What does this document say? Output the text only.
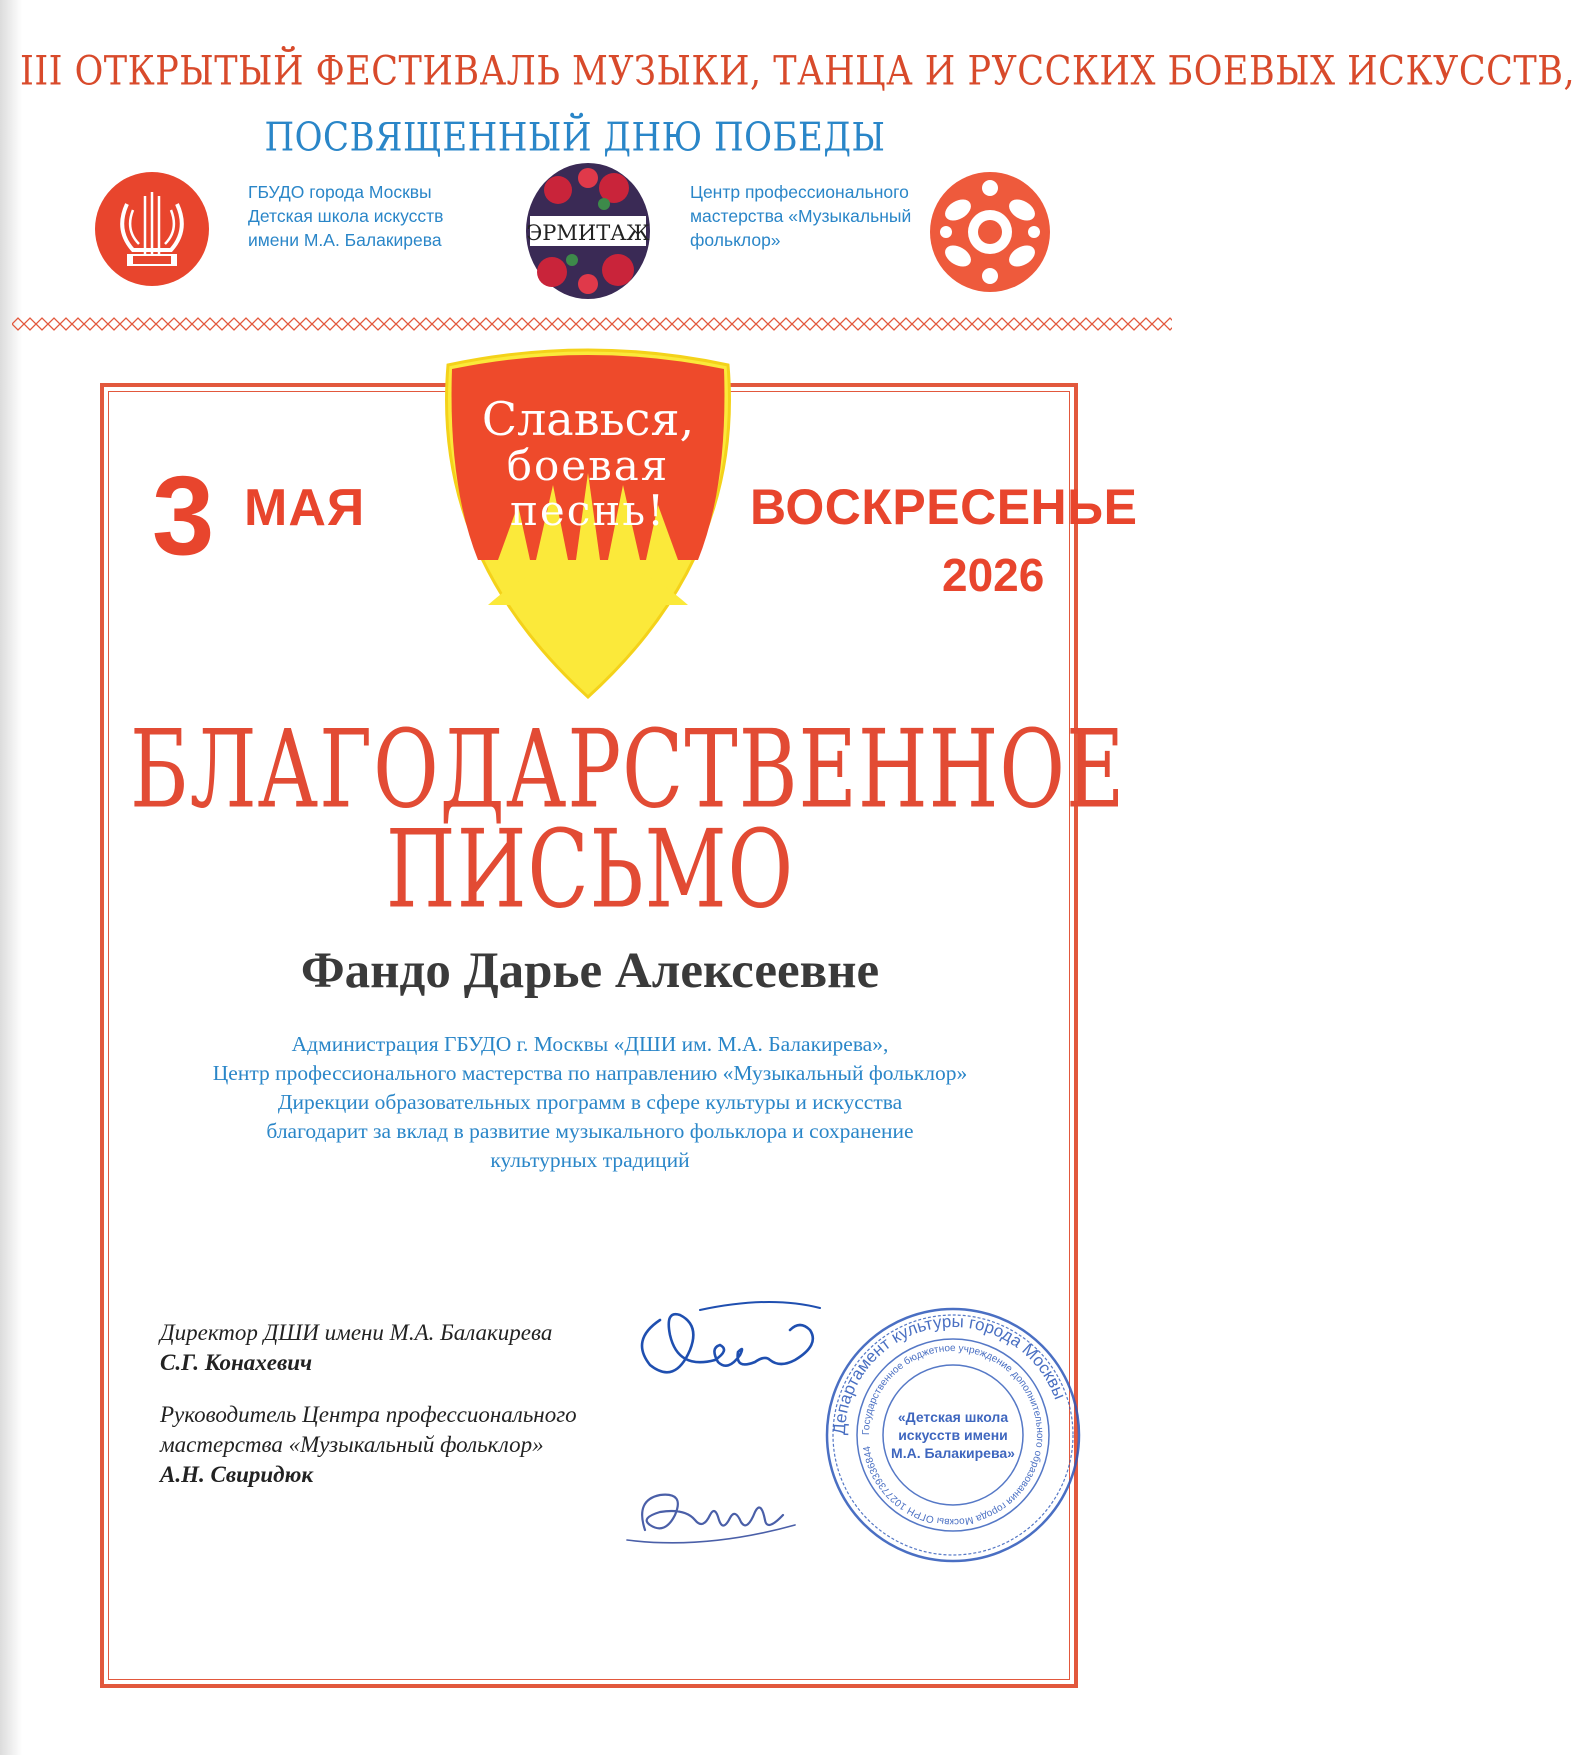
III ОТКРЫТЫЙ ФЕСТИВАЛЬ МУЗЫКИ, ТАНЦА И РУССКИХ БОЕВЫХ ИСКУССТВ,
ПОСВЯЩЕННЫЙ ДНЮ ПОБЕДЫ
ГБУДО города Москвы
Детская школа искусств
имени М.А. Балакирева	ЭРМИТАЖ
Центр профессионального
мастерства «Музыкальный
фольклор»
3 МАЯ	ВОСКРЕСЕНЬЕ
2026
Славься,
боевая
песнь!
БЛАГОДАРСТВЕННОЕ
ПИСЬМО
Фандо Дарье Алексеевне
Администрация ГБУДО г. Москвы «ДШИ им. М.А. Балакирева»,
Центр профессионального мастерства по направлению «Музыкальный фольклор»
Дирекции образовательных программ в сфере культуры и искусства
благодарит за вклад в развитие музыкального фольклора и сохранение
культурных традиций
Директор ДШИ имени М.А. Балакирева
С.Г. Конахевич
Руководитель Центра профессионального
мастерства «Музыкальный фольклор»
А.Н. Свиридюк
Департамент культуры города Москвы
Государственное бюджетное учреждение дополнительного образования города Москвы ОГРН 1027739336844
«Детская школа
искусств имени
М.А. Балакирева»
